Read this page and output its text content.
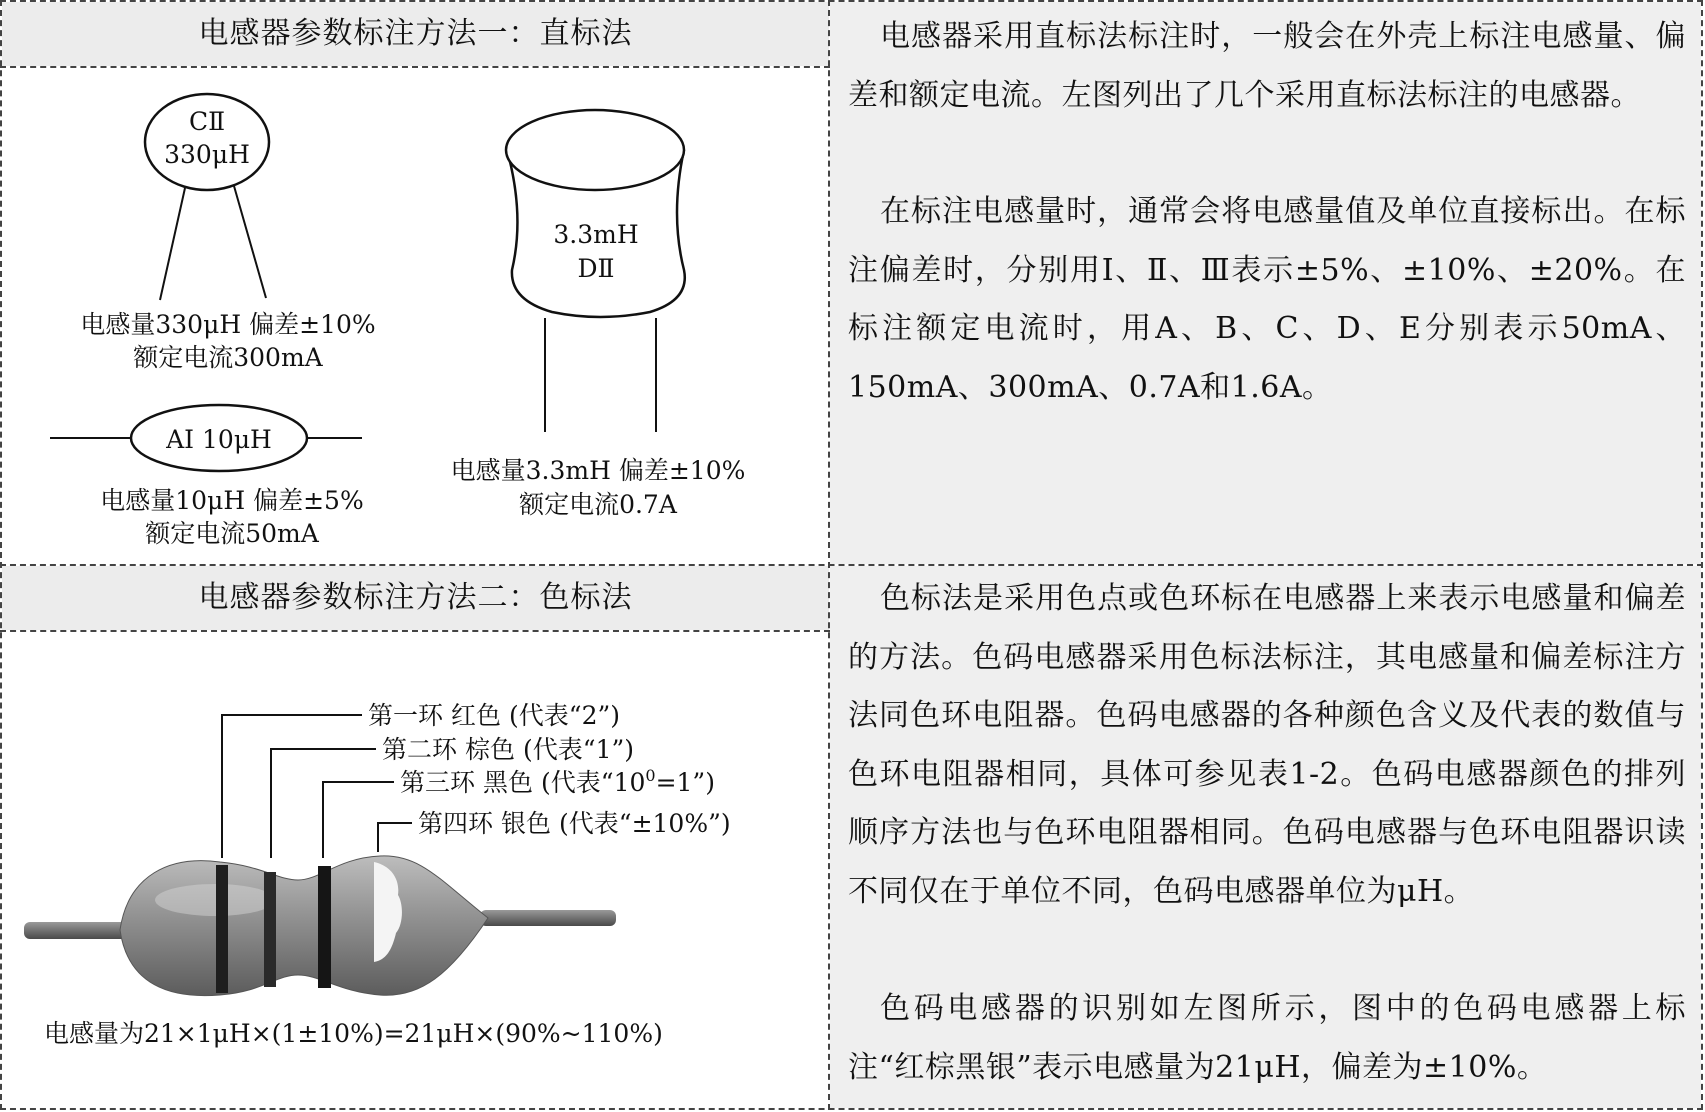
电感器参数标注方法一：直标法
电感器参数标注方法二：色标法

电感器采用直标法标注时，一般会在外壳上标注电感量、偏差和额定电流。左图列出了几个采用直标法标注的电感器。

在标注电感量时，通常会将电感量值及单位直接标出。在标注偏差时，分别用Ⅰ、Ⅱ、Ⅲ表示±5%、±10%、±20%。在标注额定电流时，用A、B、C、D、E分别表示50mA、150mA、300mA、0.7A和1.6A。

色标法是采用色点或色环标在电感器上来表示电感量和偏差的方法。色码电感器采用色标法标注，其电感量和偏差标注方法同色环电阻器。色码电感器的各种颜色含义及代表的数值与色环电阻器相同，具体可参见表1-2。色码电感器颜色的排列顺序方法也与色环电阻器相同。色码电感器与色环电阻器识读不同仅在于单位不同，色码电感器单位为μH。

色码电感器的识别如左图所示，图中的色码电感器上标注“红棕黑银”表示电感量为21μH，偏差为±10%。

CⅡ
330μH
电感量330μH 偏差±10%
额定电流300mA
AⅠ 10μH
电感量10μH 偏差±5%
额定电流50mA
3.3mH
DⅡ
电感量3.3mH 偏差±10%
额定电流0.7A
第一环 红色 (代表“2”)
第二环 棕色 (代表“1”)
第三环 黑色 (代表“$10^0=1$”)
第四环 银色 (代表“±10%”)
电感量为21×1μH×(1±10%)=21μH×(90%~110%)
